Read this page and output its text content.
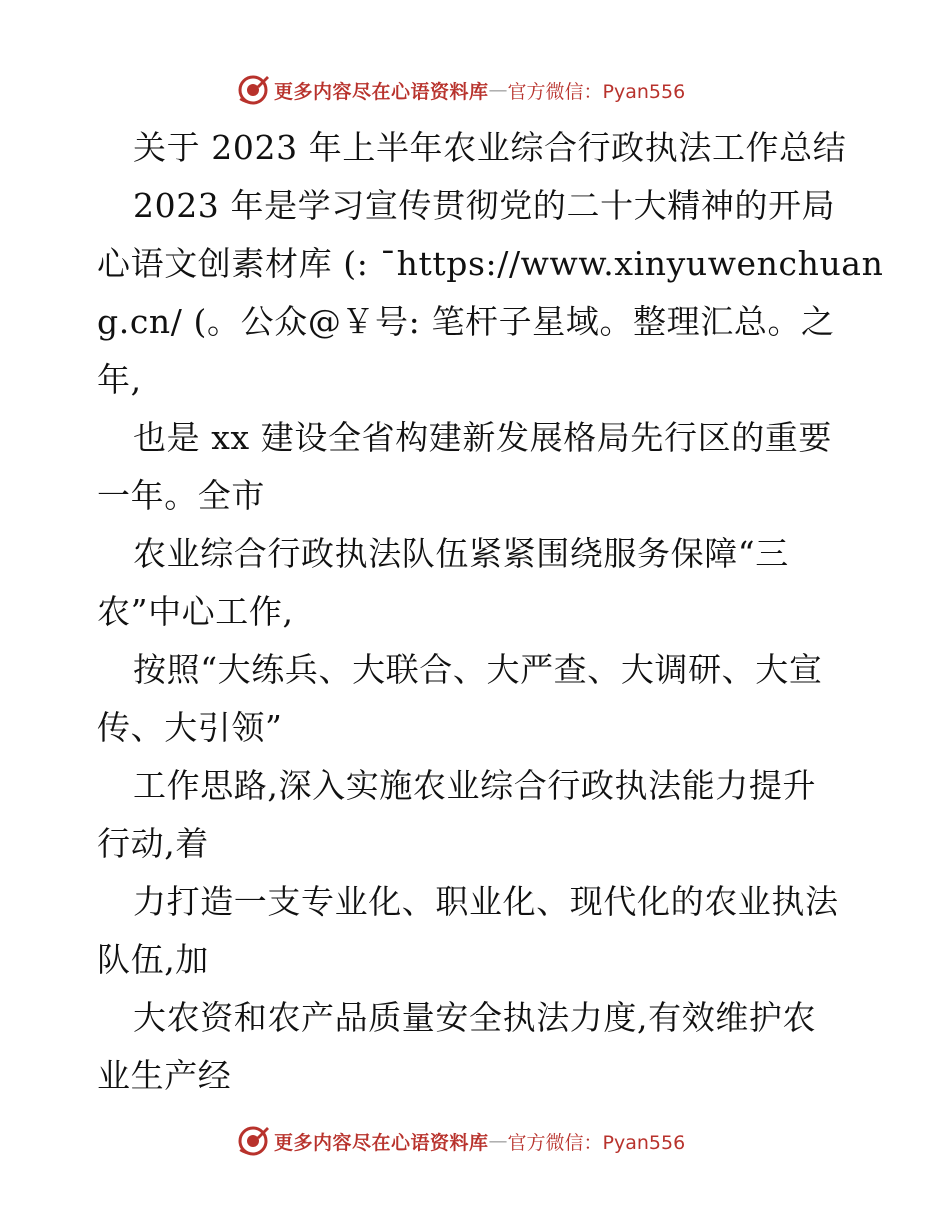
更多内容尽在心语资料库 — 官方微信：Pyan556
关于 2023 年上半年农业综合行政执法工作总结
2023 年是学习宣传贯彻党的二十大精神的开局
心语文创素材库 (: ¯https://www.xinyuwenchuan
g.cn/ (。公众@￥号: 笔杆子星域。整理汇总。之
年,
也是 xx 建设全省构建新发展格局先行区的重要
一年。全市
农业综合行政执法队伍紧紧围绕服务保障“三
农”中心工作,
按照“大练兵、大联合、大严查、大调研、大宣
传、大引领”
工作思路,深入实施农业综合行政执法能力提升
行动,着
力打造一支专业化、职业化、现代化的农业执法
队伍,加
大农资和农产品质量安全执法力度,有效维护农
业生产经
更多内容尽在心语资料库 — 官方微信：Pyan556
